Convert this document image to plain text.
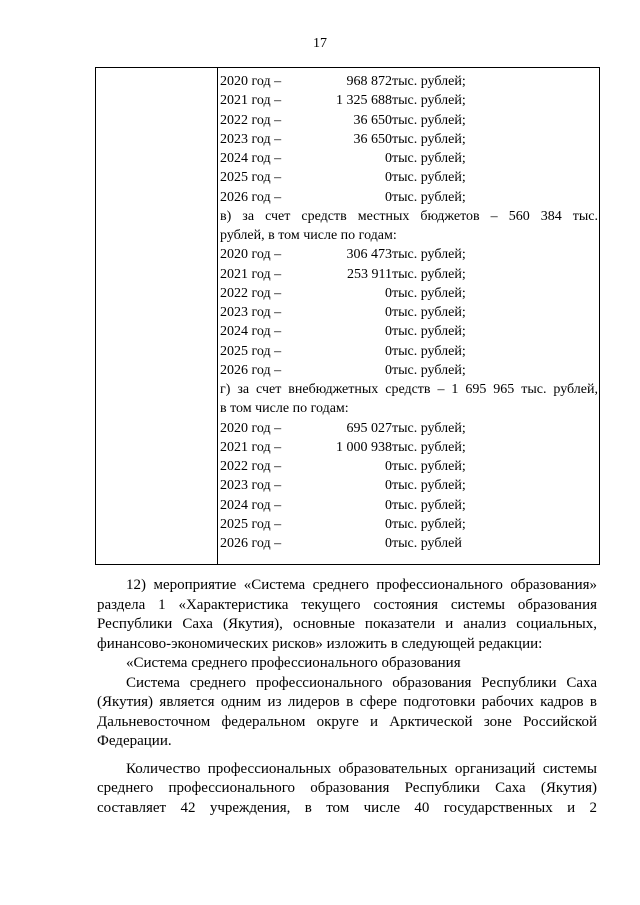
17
2020 год –	968 872 тыс. рублей;
2021 год –	1 325 688 тыс. рублей;
2022 год –	36 650 тыс. рублей;
2023 год –	36 650 тыс. рублей;
2024 год –	0 тыс. рублей;
2025 год –	0 тыс. рублей;
2026 год –	0 тыс. рублей;
в) за счет средств местных бюджетов – 560 384 тыс.
рублей, в том числе по годам:
2020 год –	306 473 тыс. рублей;
2021 год –	253 911 тыс. рублей;
2022 год –	0 тыс. рублей;
2023 год –	0 тыс. рублей;
2024 год –	0 тыс. рублей;
2025 год –	0 тыс. рублей;
2026 год –	0 тыс. рублей;
г) за счет внебюджетных средств – 1 695 965 тыс. рублей,
в том числе по годам:
2020 год –	695 027 тыс. рублей;
2021 год –	1 000 938 тыс. рублей;
2022 год –	0 тыс. рублей;
2023 год –	0 тыс. рублей;
2024 год –	0 тыс. рублей;
2025 год –	0 тыс. рублей;
2026 год –	0 тыс. рублей
12) мероприятие «Система среднего профессионального образования»
раздела 1 «Характеристика текущего состояния системы образования
Республики Саха (Якутия), основные показатели и анализ социальных,
финансово-экономических рисков» изложить в следующей редакции:
«Система среднего профессионального образования
Система среднего профессионального образования Республики Саха
(Якутия) является одним из лидеров в сфере подготовки рабочих кадров в
Дальневосточном федеральном округе и Арктической зоне Российской
Федерации.
Количество профессиональных образовательных организаций системы
среднего профессионального образования Республики Саха (Якутия)
составляет 42 учреждения, в том числе 40 государственных и 2
